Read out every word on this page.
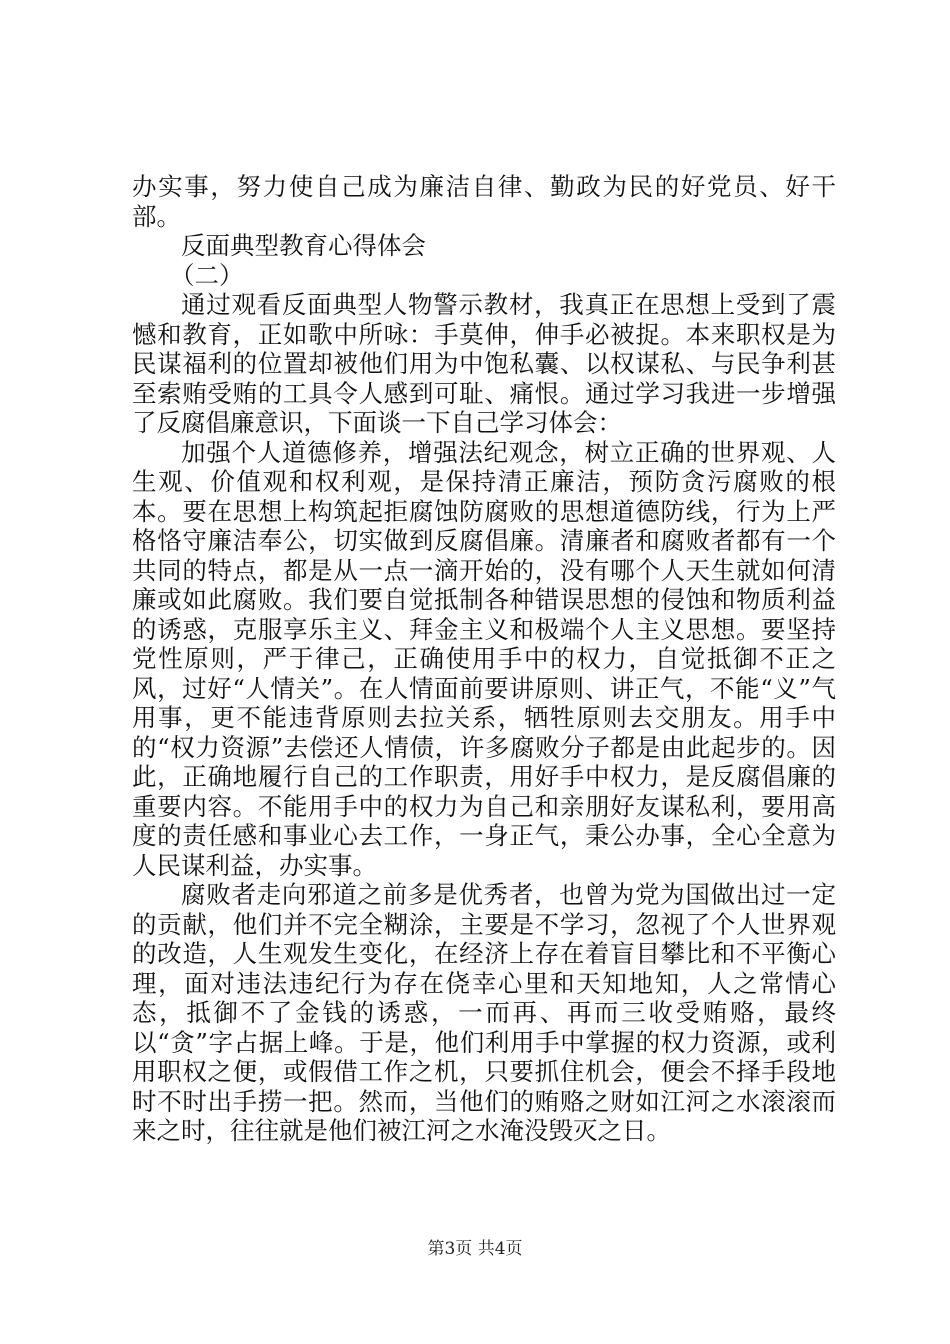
办实事，努力使自己成为廉洁自律、勤政为民的好党员、好干部。

反面典型教育心得体会

（二）

通过观看反面典型人物警示教材，我真正在思想上受到了震憾和教育，正如歌中所咏：手莫伸，伸手必被捉。本来职权是为民谋福利的位置却被他们用为中饱私囊、以权谋私、与民争利甚至索贿受贿的工具令人感到可耻、痛恨。通过学习我进一步增强了反腐倡廉意识，下面谈一下自己学习体会：

加强个人道德修养，增强法纪观念，树立正确的世界观、人生观、价值观和权利观，是保持清正廉洁，预防贪污腐败的根本。要在思想上构筑起拒腐蚀防腐败的思想道德防线，行为上严格恪守廉洁奉公，切实做到反腐倡廉。清廉者和腐败者都有一个共同的特点，都是从一点一滴开始的，没有哪个人天生就如何清廉或如此腐败。我们要自觉抵制各种错误思想的侵蚀和物质利益的诱惑，克服享乐主义、拜金主义和极端个人主义思想。要坚持党性原则，严于律己，正确使用手中的权力，自觉抵御不正之风，过好“人情关”。在人情面前要讲原则、讲正气，不能“义”气用事，更不能违背原则去拉关系，牺牲原则去交朋友。用手中的“权力资源”去偿还人情债，许多腐败分子都是由此起步的。因此，正确地履行自己的工作职责，用好手中权力，是反腐倡廉的重要内容。不能用手中的权力为自己和亲朋好友谋私利，要用高度的责任感和事业心去工作，一身正气，秉公办事，全心全意为人民谋利益，办实事。

腐败者走向邪道之前多是优秀者，也曾为党为国做出过一定的贡献，他们并不完全糊涂，主要是不学习，忽视了个人世界观的改造，人生观发生变化，在经济上存在着盲目攀比和不平衡心理，面对违法违纪行为存在侥幸心里和天知地知，人之常情心态，抵御不了金钱的诱惑，一而再、再而三收受贿赂，最终以“贪”字占据上峰。于是，他们利用手中掌握的权力资源，或利用职权之便，或假借工作之机，只要抓住机会，便会不择手段地时不时出手捞一把。然而，当他们的贿赂之财如江河之水滚滚而来之时，往往就是他们被江河之水淹没毁灭之日。

第3页 共4页
